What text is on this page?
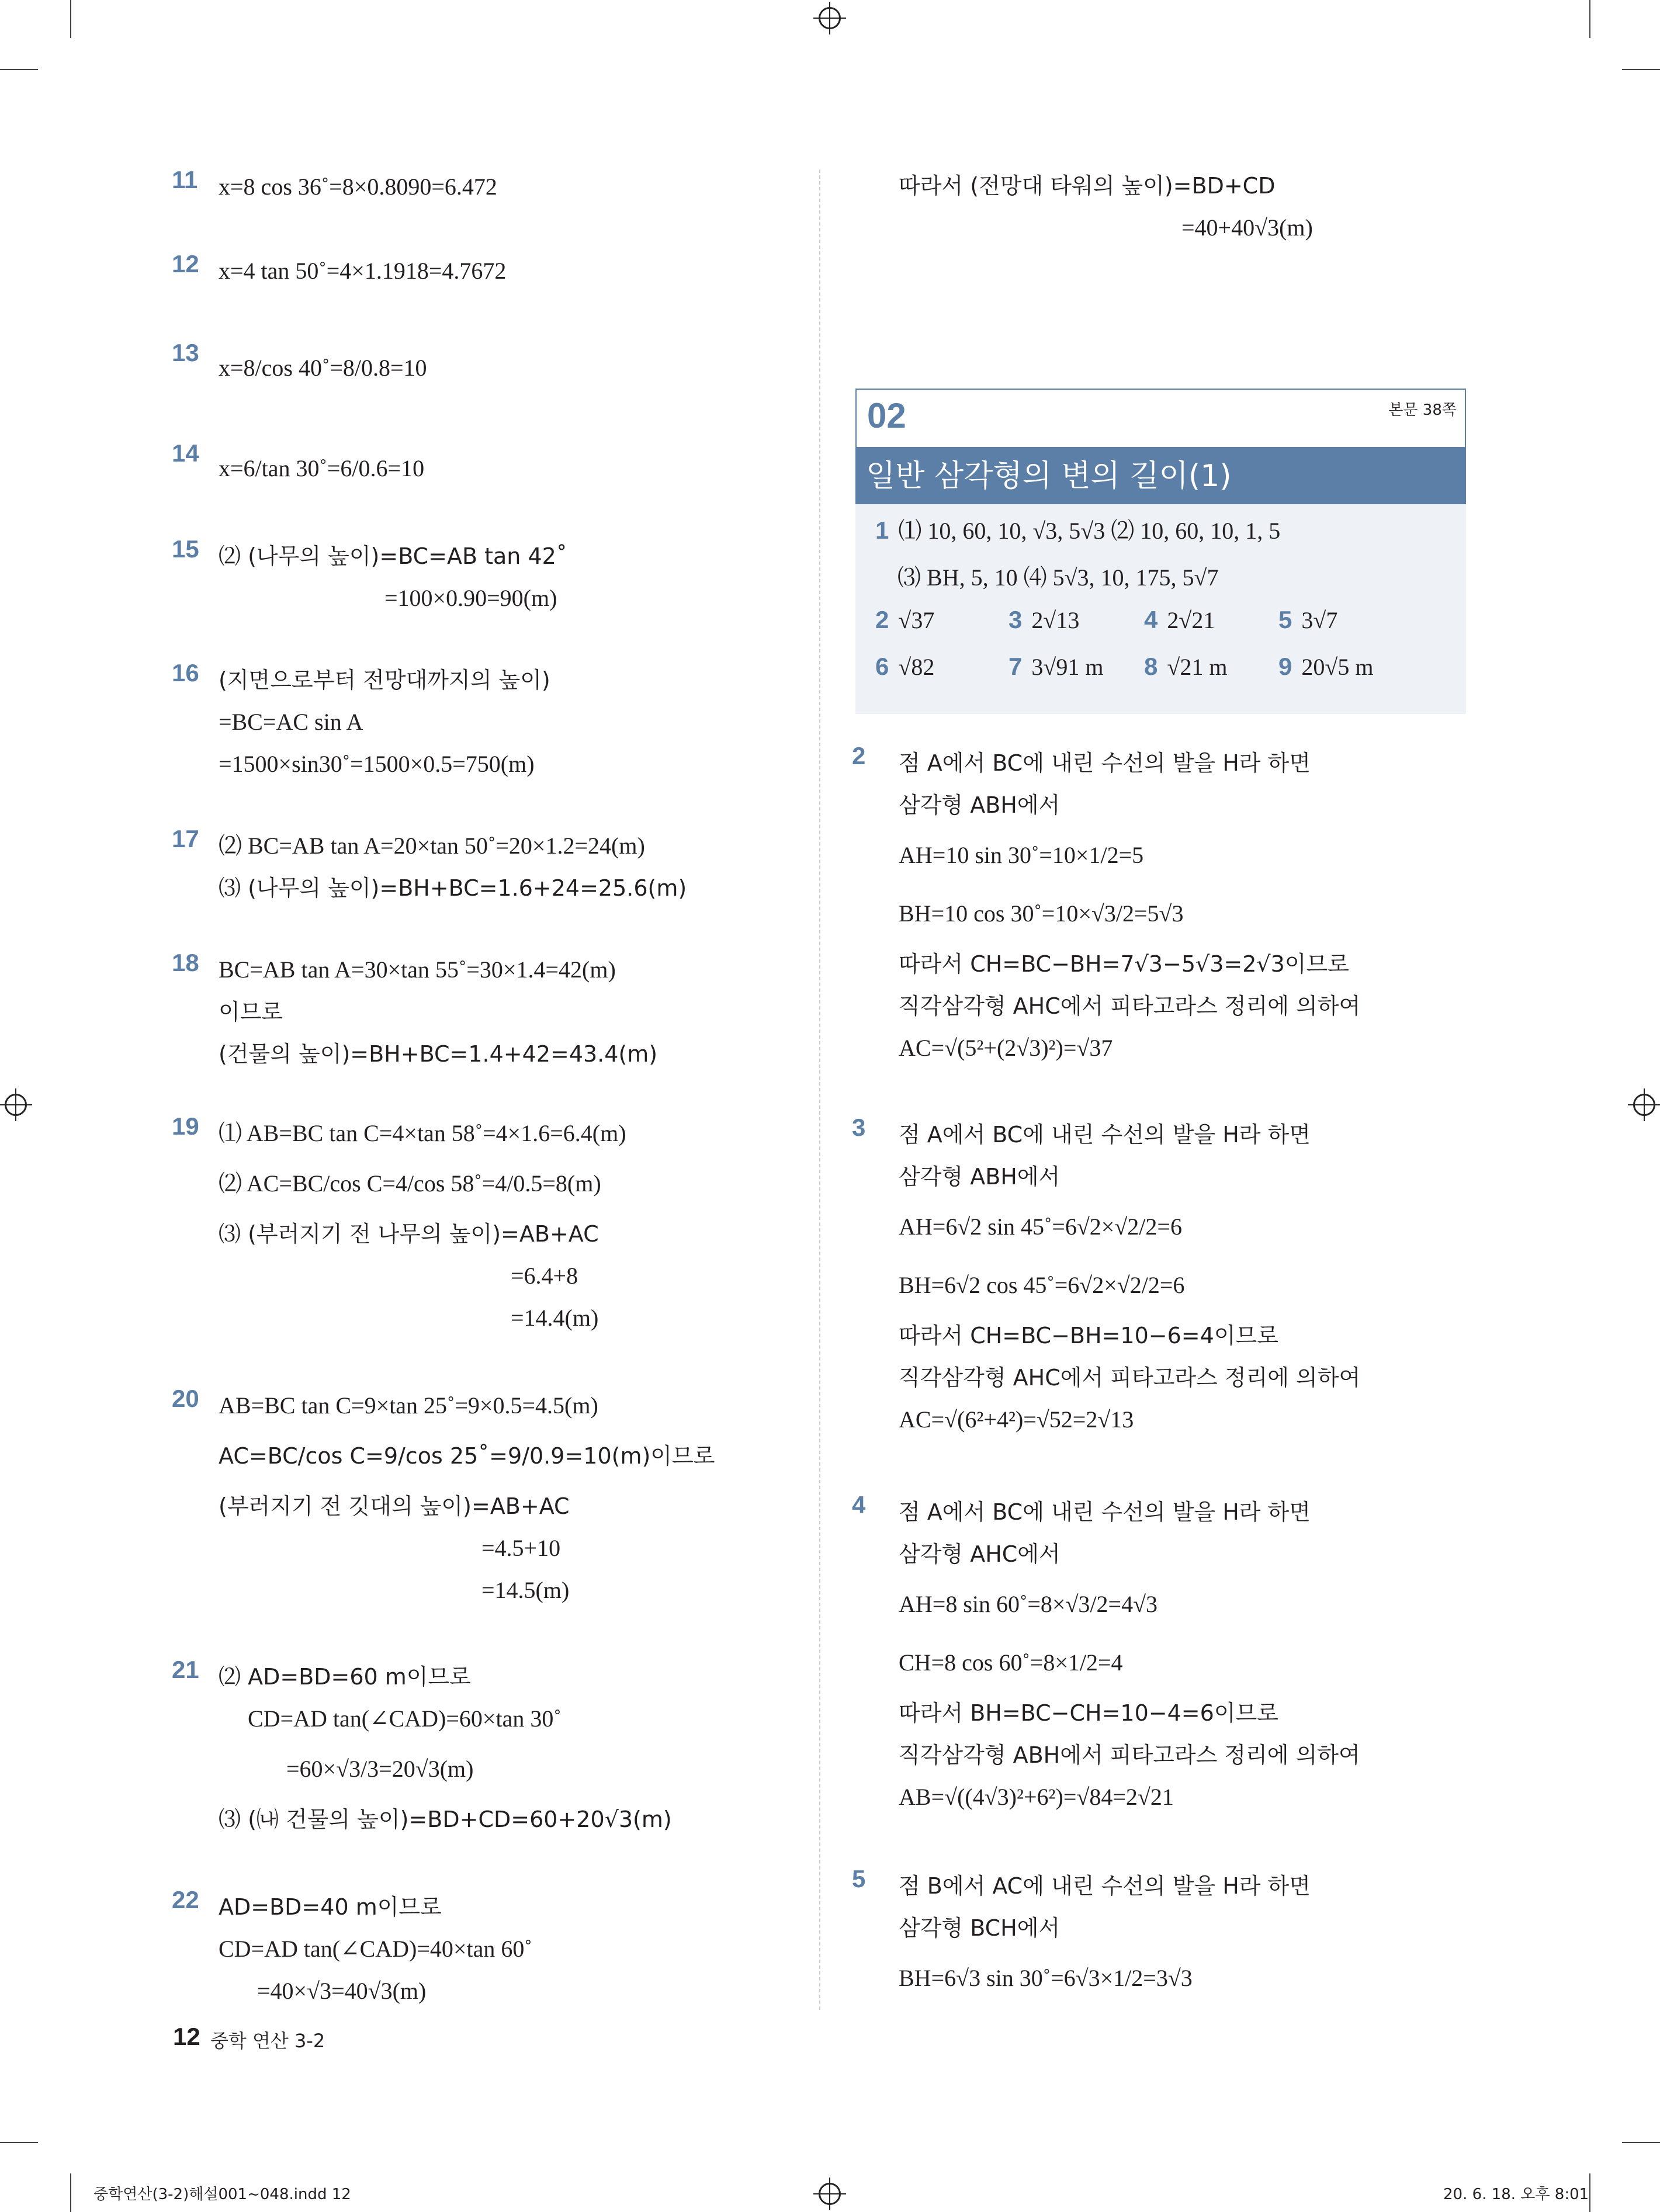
11 x=8 cos 36˚=8×0.8090=6.472
12 x=4 tan 50˚=4×1.1918=4.7672
13
x=8/cos 40˚=8/0.8=10
14
x=6/tan 30˚=6/0.6=10
15 ⑵ (나무의 높이)=BC=AB tan 42˚
=100×0.90=90(m)
16 (지면으로부터 전망대까지의 높이)
=BC=AC sin A
=1500×sin30˚=1500×0.5=750(m)
17 ⑵ BC=AB tan A=20×tan 50˚=20×1.2=24(m)
⑶ (나무의 높이)=BH+BC=1.6+24=25.6(m)
18 BC=AB tan A=30×tan 55˚=30×1.4=42(m)
이므로
(건물의 높이)=BH+BC=1.4+42=43.4(m)
19 ⑴ AB=BC tan C=4×tan 58˚=4×1.6=6.4(m)
⑵ AC=BC/cos C=4/cos 58˚=4/0.5=8(m)
⑶ (부러지기 전 나무의 높이)=AB+AC
=6.4+8
=14.4(m)
20 AB=BC tan C=9×tan 25˚=9×0.5=4.5(m)
AC=BC/cos C=9/cos 25˚=9/0.9=10(m)이므로
(부러지기 전 깃대의 높이)=AB+AC
=4.5+10
=14.5(m)
21 ⑵ AD=BD=60 m이므로
CD=AD tan(∠CAD)=60×tan 30˚
=60×√3/3=20√3(m)
⑶ (㈏ 건물의 높이)=BD+CD=60+20√3(m)
22 AD=BD=40 m이므로
CD=AD tan(∠CAD)=40×tan 60˚
=40×√3=40√3(m)
따라서 (전망대 타워의 높이)=BD+CD
=40+40√3(m)
02	본문 38쪽
일반 삼각형의 변의 길이(1)
1 ⑴ 10, 60, 10, √3, 5√3 ⑵ 10, 60, 10, 1, 5
⑶ BH, 5, 10 ⑷ 5√3, 10, 175, 5√7
2 √37	3 2√13	4 2√21	5 3√7
6 √82	7 3√91 m 8 √21 m 9 20√5 m
2 점 A에서 BC에 내린 수선의 발을 H라 하면
삼각형 ABH에서
AH=10 sin 30˚=10×1/2=5
BH=10 cos 30˚=10×√3/2=5√3
따라서 CH=BC−BH=7√3−5√3=2√3이므로
직각삼각형 AHC에서 피타고라스 정리에 의하여
AC=√(5²+(2√3)²)=√37
3 점 A에서 BC에 내린 수선의 발을 H라 하면
삼각형 ABH에서
AH=6√2 sin 45˚=6√2×√2/2=6
BH=6√2 cos 45˚=6√2×√2/2=6
따라서 CH=BC−BH=10−6=4이므로
직각삼각형 AHC에서 피타고라스 정리에 의하여
AC=√(6²+4²)=√52=2√13
4 점 A에서 BC에 내린 수선의 발을 H라 하면
삼각형 AHC에서
AH=8 sin 60˚=8×√3/2=4√3
CH=8 cos 60˚=8×1/2=4
따라서 BH=BC−CH=10−4=6이므로
직각삼각형 ABH에서 피타고라스 정리에 의하여
AB=√((4√3)²+6²)=√84=2√21
5 점 B에서 AC에 내린 수선의 발을 H라 하면
삼각형 BCH에서
BH=6√3 sin 30˚=6√3×1/2=3√3
12 중학 연산 3-2
중학연산(3-2)해설001~048.indd 12	20. 6. 18. 오후 8:01
